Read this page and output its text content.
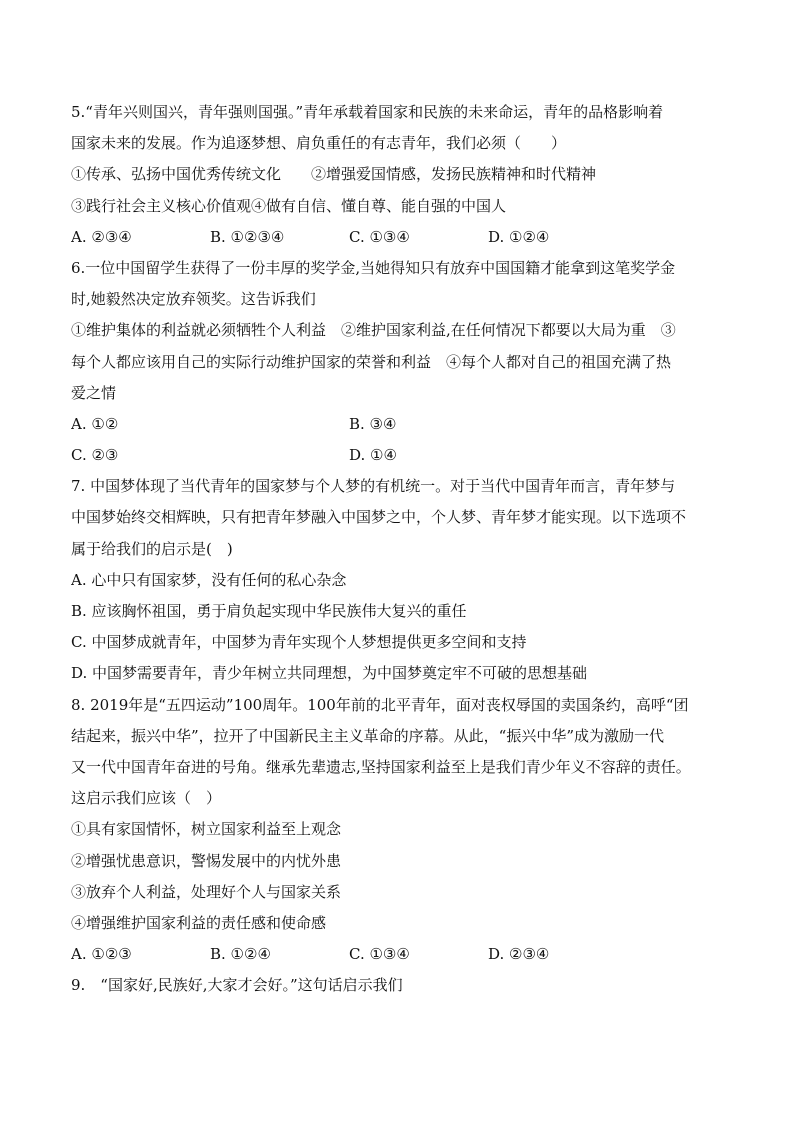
5.“青年兴则国兴，青年强则国强。”青年承载着国家和民族的未来命运，青年的品格影响着
国家未来的发展。作为追逐梦想、肩负重任的有志青年，我们必须（　　）
①传承、弘扬中国优秀传统文化　　②增强爱国情感，发扬民族精神和时代精神
③践行社会主义核心价值观④做有自信、懂自尊、能自强的中国人
A. ②③④	B. ①②③④	C. ①③④	D. ①②④
6.一位中国留学生获得了一份丰厚的奖学金,当她得知只有放弃中国国籍才能拿到这笔奖学金
时,她毅然决定放弃领奖。这告诉我们
①维护集体的利益就必须牺牲个人利益　②维护国家利益,在任何情况下都要以大局为重　③
每个人都应该用自己的实际行动维护国家的荣誉和利益　④每个人都对自己的祖国充满了热
爱之情
A. ①②	B. ③④
C. ②③	D. ①④
7. 中国梦体现了当代青年的国家梦与个人梦的有机统一。对于当代中国青年而言，青年梦与
中国梦始终交相辉映，只有把青年梦融入中国梦之中，个人梦、青年梦才能实现。以下选项不
属于给我们的启示是(　)
A. 心中只有国家梦，没有任何的私心杂念
B. 应该胸怀祖国，勇于肩负起实现中华民族伟大复兴的重任
C. 中国梦成就青年，中国梦为青年实现个人梦想提供更多空间和支持
D. 中国梦需要青年，青少年树立共同理想，为中国梦奠定牢不可破的思想基础
8. 2019年是“五四运动”100周年。100年前的北平青年，面对丧权辱国的卖国条约，高呼“团
结起来，振兴中华”，拉开了中国新民主主义革命的序幕。从此，“振兴中华”成为激励一代
又一代中国青年奋进的号角。继承先辈遗志,坚持国家利益至上是我们青少年义不容辞的责任。
这启示我们应该（　）
①具有家国情怀，树立国家利益至上观念
②增强忧患意识，警惕发展中的内忧外患
③放弃个人利益，处理好个人与国家关系
④增强维护国家利益的责任感和使命感
A. ①②③	B. ①②④	C. ①③④	D. ②③④
9.　“国家好,民族好,大家才会好。”这句话启示我们
